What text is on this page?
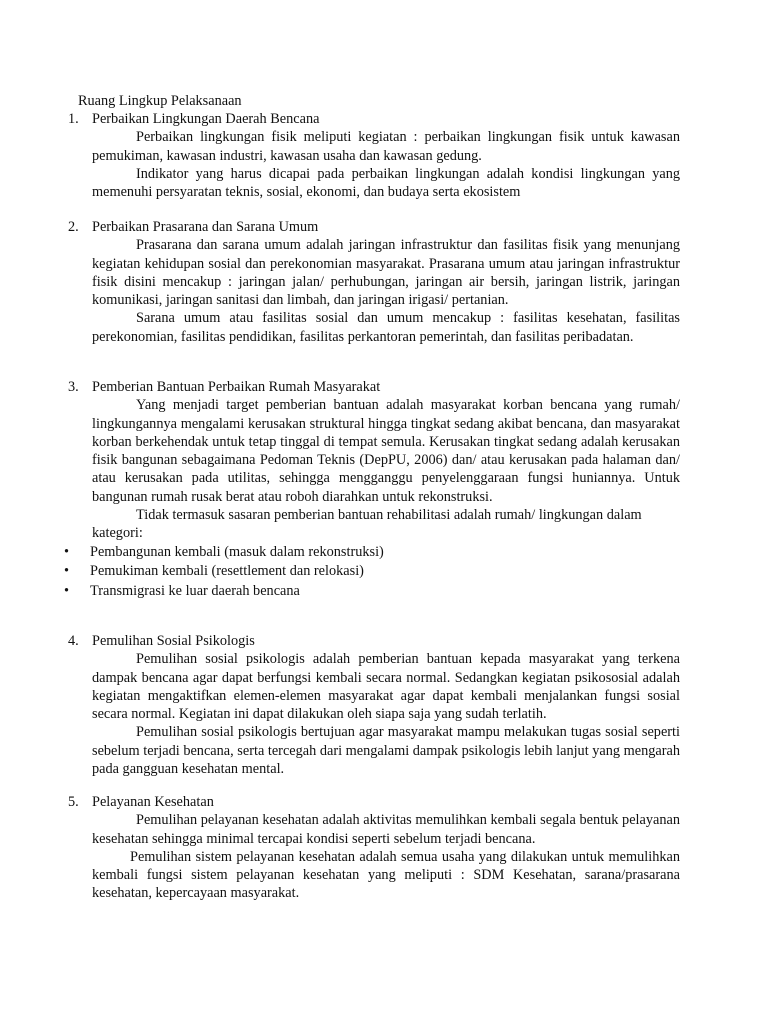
Ruang Lingkup Pelaksanaan
1. Perbaikan Lingkungan Daerah Bencana

Perbaikan lingkungan fisik meliputi kegiatan : perbaikan lingkungan fisik untuk kawasan pemukiman, kawasan industri, kawasan usaha dan kawasan gedung.

Indikator yang harus dicapai pada perbaikan lingkungan adalah kondisi lingkungan yang memenuhi persyaratan teknis, sosial, ekonomi, dan budaya serta ekosistem

2. Perbaikan Prasarana dan Sarana Umum

Prasarana dan sarana umum adalah jaringan infrastruktur dan fasilitas fisik yang menunjang kegiatan kehidupan sosial dan perekonomian masyarakat. Prasarana umum atau jaringan infrastruktur fisik disini mencakup : jaringan jalan/ perhubungan, jaringan air bersih, jaringan listrik, jaringan komunikasi, jaringan sanitasi dan limbah, dan jaringan irigasi/ pertanian.

Sarana umum atau fasilitas sosial dan umum mencakup : fasilitas kesehatan, fasilitas perekonomian, fasilitas pendidikan, fasilitas perkantoran pemerintah, dan fasilitas peribadatan.

3. Pemberian Bantuan Perbaikan Rumah Masyarakat

Yang menjadi target pemberian bantuan adalah masyarakat korban bencana yang rumah/ lingkungannya mengalami kerusakan struktural hingga tingkat sedang akibat bencana, dan masyarakat korban berkehendak untuk tetap tinggal di tempat semula. Kerusakan tingkat sedang adalah kerusakan fisik bangunan sebagaimana Pedoman Teknis (DepPU, 2006) dan/ atau kerusakan pada halaman dan/ atau kerusakan pada utilitas, sehingga mengganggu penyelenggaraan fungsi huniannya. Untuk bangunan rumah rusak berat atau roboh diarahkan untuk rekonstruksi.

Tidak termasuk sasaran pemberian bantuan rehabilitasi adalah rumah/ lingkungan dalam

kategori:

• Pembangunan kembali (masuk dalam rekonstruksi)
• Pemukiman kembali (resettlement dan relokasi)
• Transmigrasi ke luar daerah bencana
4. Pemulihan Sosial Psikologis

Pemulihan sosial psikologis adalah pemberian bantuan kepada masyarakat yang terkena dampak bencana agar dapat berfungsi kembali secara normal. Sedangkan kegiatan psikososial adalah kegiatan mengaktifkan elemen-elemen masyarakat agar dapat kembali menjalankan fungsi sosial secara normal. Kegiatan ini dapat dilakukan oleh siapa saja yang sudah terlatih.

Pemulihan sosial psikologis bertujuan agar masyarakat mampu melakukan tugas sosial seperti sebelum terjadi bencana, serta tercegah dari mengalami dampak psikologis lebih lanjut yang mengarah pada gangguan kesehatan mental.

5. Pelayanan Kesehatan

Pemulihan pelayanan kesehatan adalah aktivitas memulihkan kembali segala bentuk pelayanan kesehatan sehingga minimal tercapai kondisi seperti sebelum terjadi bencana.

Pemulihan sistem pelayanan kesehatan adalah semua usaha yang dilakukan untuk memulihkan kembali fungsi sistem pelayanan kesehatan yang meliputi : SDM Kesehatan, sarana/prasarana kesehatan, kepercayaan masyarakat.
